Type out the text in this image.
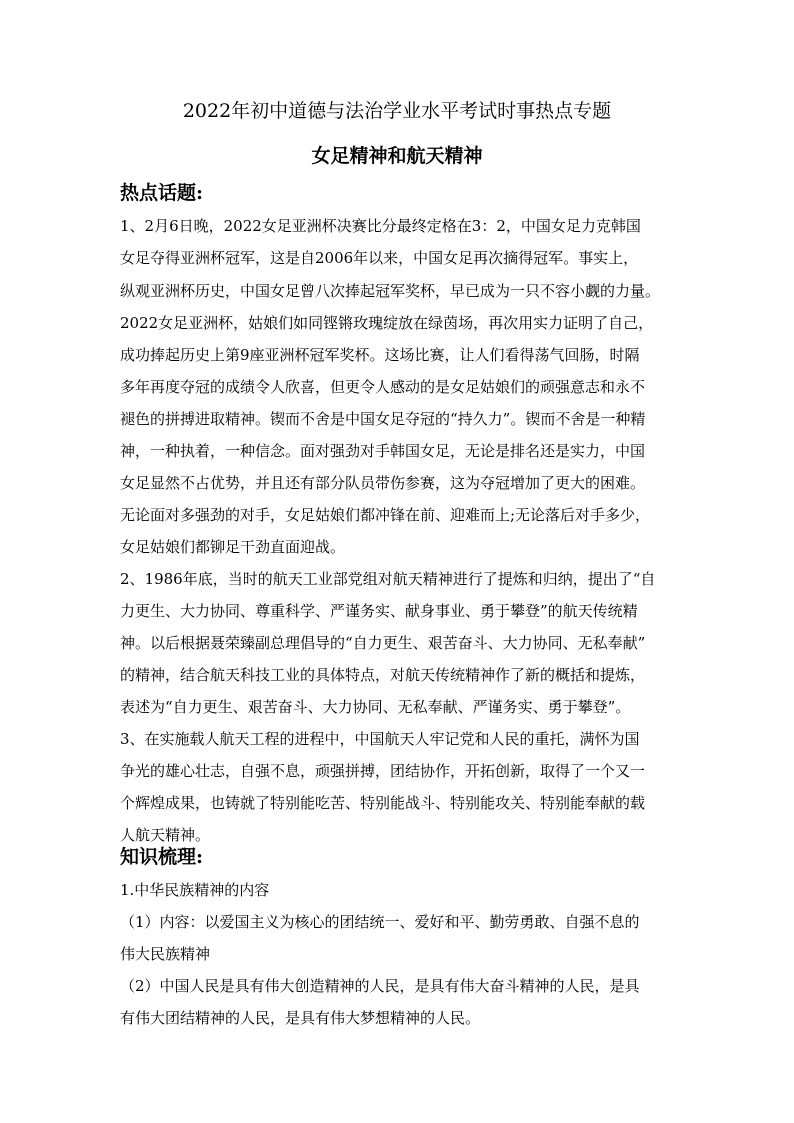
2022年初中道德与法治学业水平考试时事热点专题
女足精神和航天精神
热点话题:
1、2月6日晚，2022女足亚洲杯决赛比分最终定格在3：2，中国女足力克韩国
女足夺得亚洲杯冠军，这是自2006年以来，中国女足再次摘得冠军。事实上，
纵观亚洲杯历史，中国女足曾八次捧起冠军奖杯，早已成为一只不容小觑的力量。
2022女足亚洲杯，姑娘们如同铿锵玫瑰绽放在绿茵场，再次用实力证明了自己，
成功捧起历史上第9座亚洲杯冠军奖杯。这场比赛，让人们看得荡气回肠，时隔
多年再度夺冠的成绩令人欣喜，但更令人感动的是女足姑娘们的顽强意志和永不
褪色的拼搏进取精神。锲而不舍是中国女足夺冠的“持久力”。锲而不舍是一种精
神，一种执着，一种信念。面对强劲对手韩国女足，无论是排名还是实力，中国
女足显然不占优势，并且还有部分队员带伤参赛，这为夺冠增加了更大的困难。
无论面对多强劲的对手，女足姑娘们都冲锋在前、迎难而上;无论落后对手多少，
女足姑娘们都铆足干劲直面迎战。
2、1986年底，当时的航天工业部党组对航天精神进行了提炼和归纳，提出了“自
力更生、大力协同、尊重科学、严谨务实、献身事业、勇于攀登”的航天传统精
神。以后根据聂荣臻副总理倡导的“自力更生、艰苦奋斗、大力协同、无私奉献”
的精神，结合航天科技工业的具体特点，对航天传统精神作了新的概括和提炼，
表述为“自力更生、艰苦奋斗、大力协同、无私奉献、严谨务实、勇于攀登”。
3、在实施载人航天工程的进程中，中国航天人牢记党和人民的重托，满怀为国
争光的雄心壮志，自强不息，顽强拼搏，团结协作，开拓创新，取得了一个又一
个辉煌成果，也铸就了特别能吃苦、特别能战斗、特别能攻关、特别能奉献的载
人航天精神。
知识梳理:
1.中华民族精神的内容
（1）内容：以爱国主义为核心的团结统一、爱好和平、勤劳勇敢、自强不息的
伟大民族精神
（2）中国人民是具有伟大创造精神的人民，是具有伟大奋斗精神的人民，是具
有伟大团结精神的人民，是具有伟大梦想精神的人民。
